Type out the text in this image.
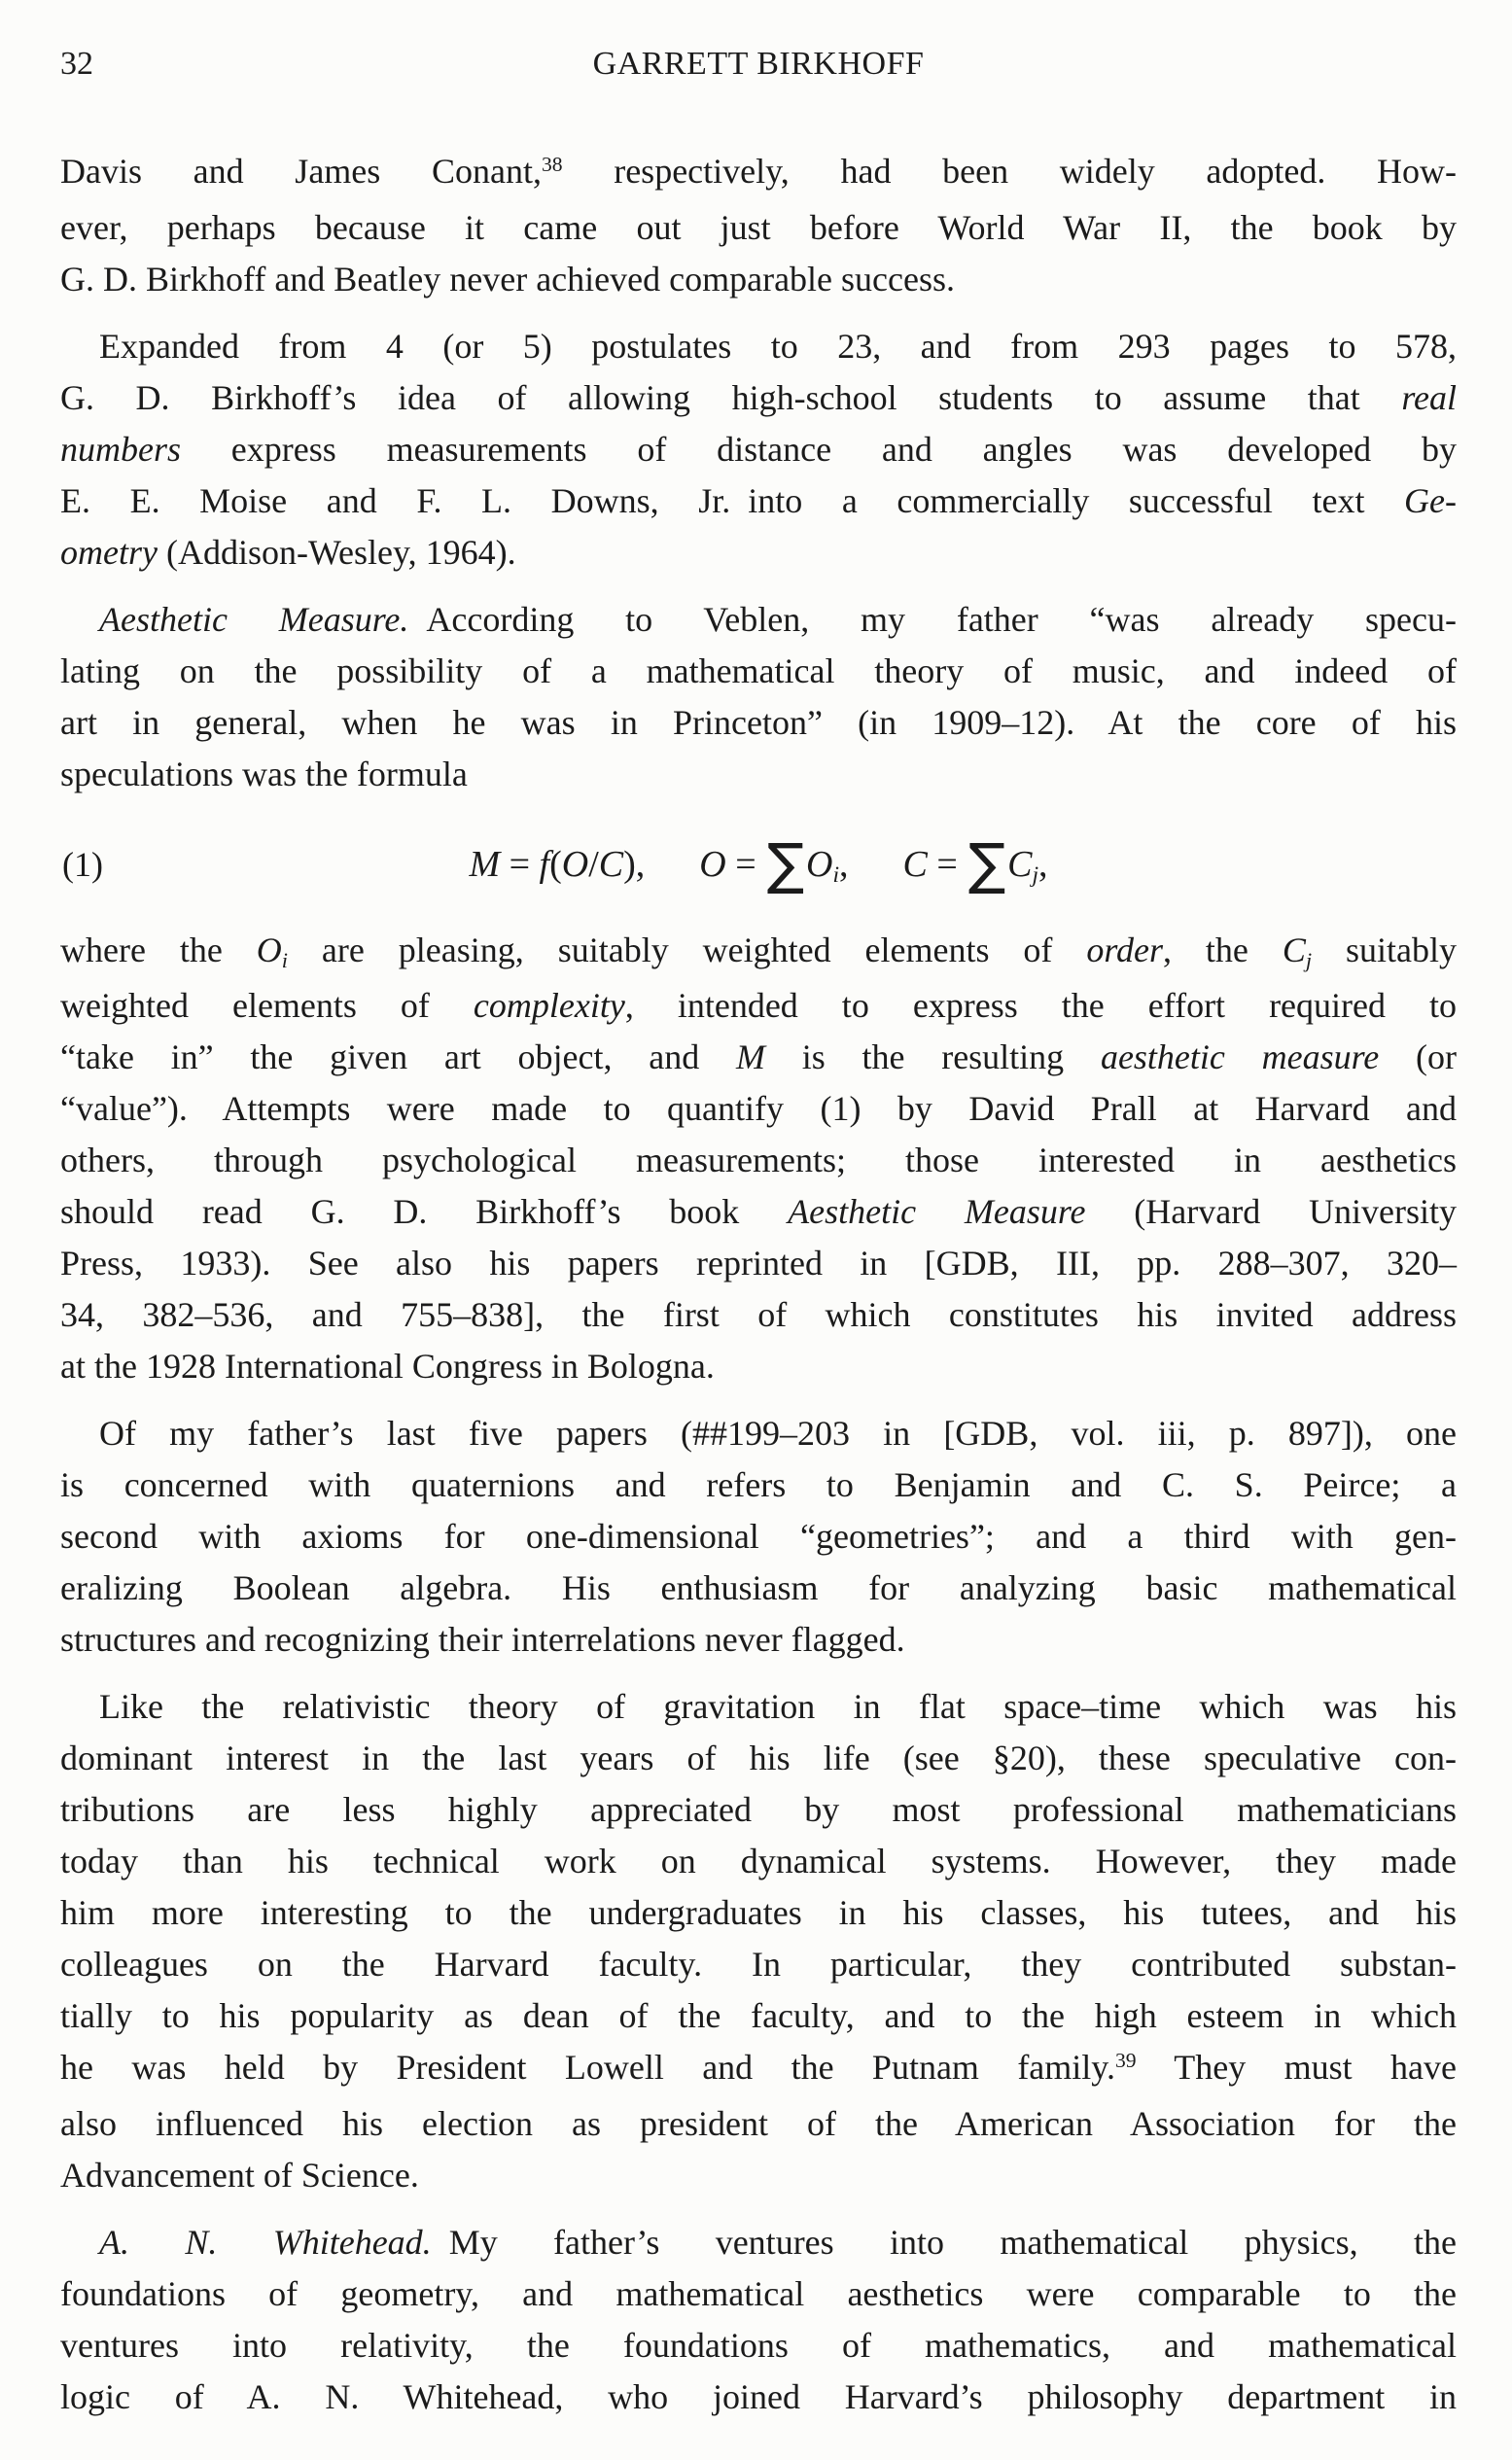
32	GARRETT BIRKHOFF
Davis and James Conant,$^{38}$ respectively, had been widely adopted. How-
ever, perhaps because it came out just before World War II, the book by
G. D. Birkhoff and Beatley never achieved comparable success.
Expanded from 4 (or 5) postulates to 23, and from 293 pages to 578,
G. D. Birkhoff’s idea of allowing high-school students to assume that real
numbers express measurements of distance and angles was developed by
E. E. Moise and F. L. Downs, Jr. into a commercially successful text Ge-
ometry (Addison-Wesley, 1964).
Aesthetic Measure. According to Veblen, my father “was already specu-
lating on the possibility of a mathematical theory of music, and indeed of
art in general, when he was in Princeton” (in 1909–12). At the core of his
speculations was the formula
(1)	M = f(O/C), O = ∑Oi, C = ∑Cj,
where the Oi are pleasing, suitably weighted elements of order, the Cj suitably
weighted elements of complexity, intended to express the effort required to
“take in” the given art object, and M is the resulting aesthetic measure (or
“value”). Attempts were made to quantify (1) by David Prall at Harvard and
others, through psychological measurements; those interested in aesthetics
should read G. D. Birkhoff’s book Aesthetic Measure (Harvard University
Press, 1933). See also his papers reprinted in [GDB, III, pp. 288–307, 320–
34, 382–536, and 755–838], the first of which constitutes his invited address
at the 1928 International Congress in Bologna.
Of my father’s last five papers (##199–203 in [GDB, vol. iii, p. 897]), one
is concerned with quaternions and refers to Benjamin and C. S. Peirce; a
second with axioms for one-dimensional “geometries”; and a third with gen-
eralizing Boolean algebra. His enthusiasm for analyzing basic mathematical
structures and recognizing their interrelations never flagged.
Like the relativistic theory of gravitation in flat space–time which was his
dominant interest in the last years of his life (see §20), these speculative con-
tributions are less highly appreciated by most professional mathematicians
today than his technical work on dynamical systems. However, they made
him more interesting to the undergraduates in his classes, his tutees, and his
colleagues on the Harvard faculty. In particular, they contributed substan-
tially to his popularity as dean of the faculty, and to the high esteem in which
he was held by President Lowell and the Putnam family.$^{39}$ They must have
also influenced his election as president of the American Association for the
Advancement of Science.
A. N. Whitehead. My father’s ventures into mathematical physics, the
foundations of geometry, and mathematical aesthetics were comparable to the
ventures into relativity, the foundations of mathematics, and mathematical
logic of A. N. Whitehead, who joined Harvard’s philosophy department in
